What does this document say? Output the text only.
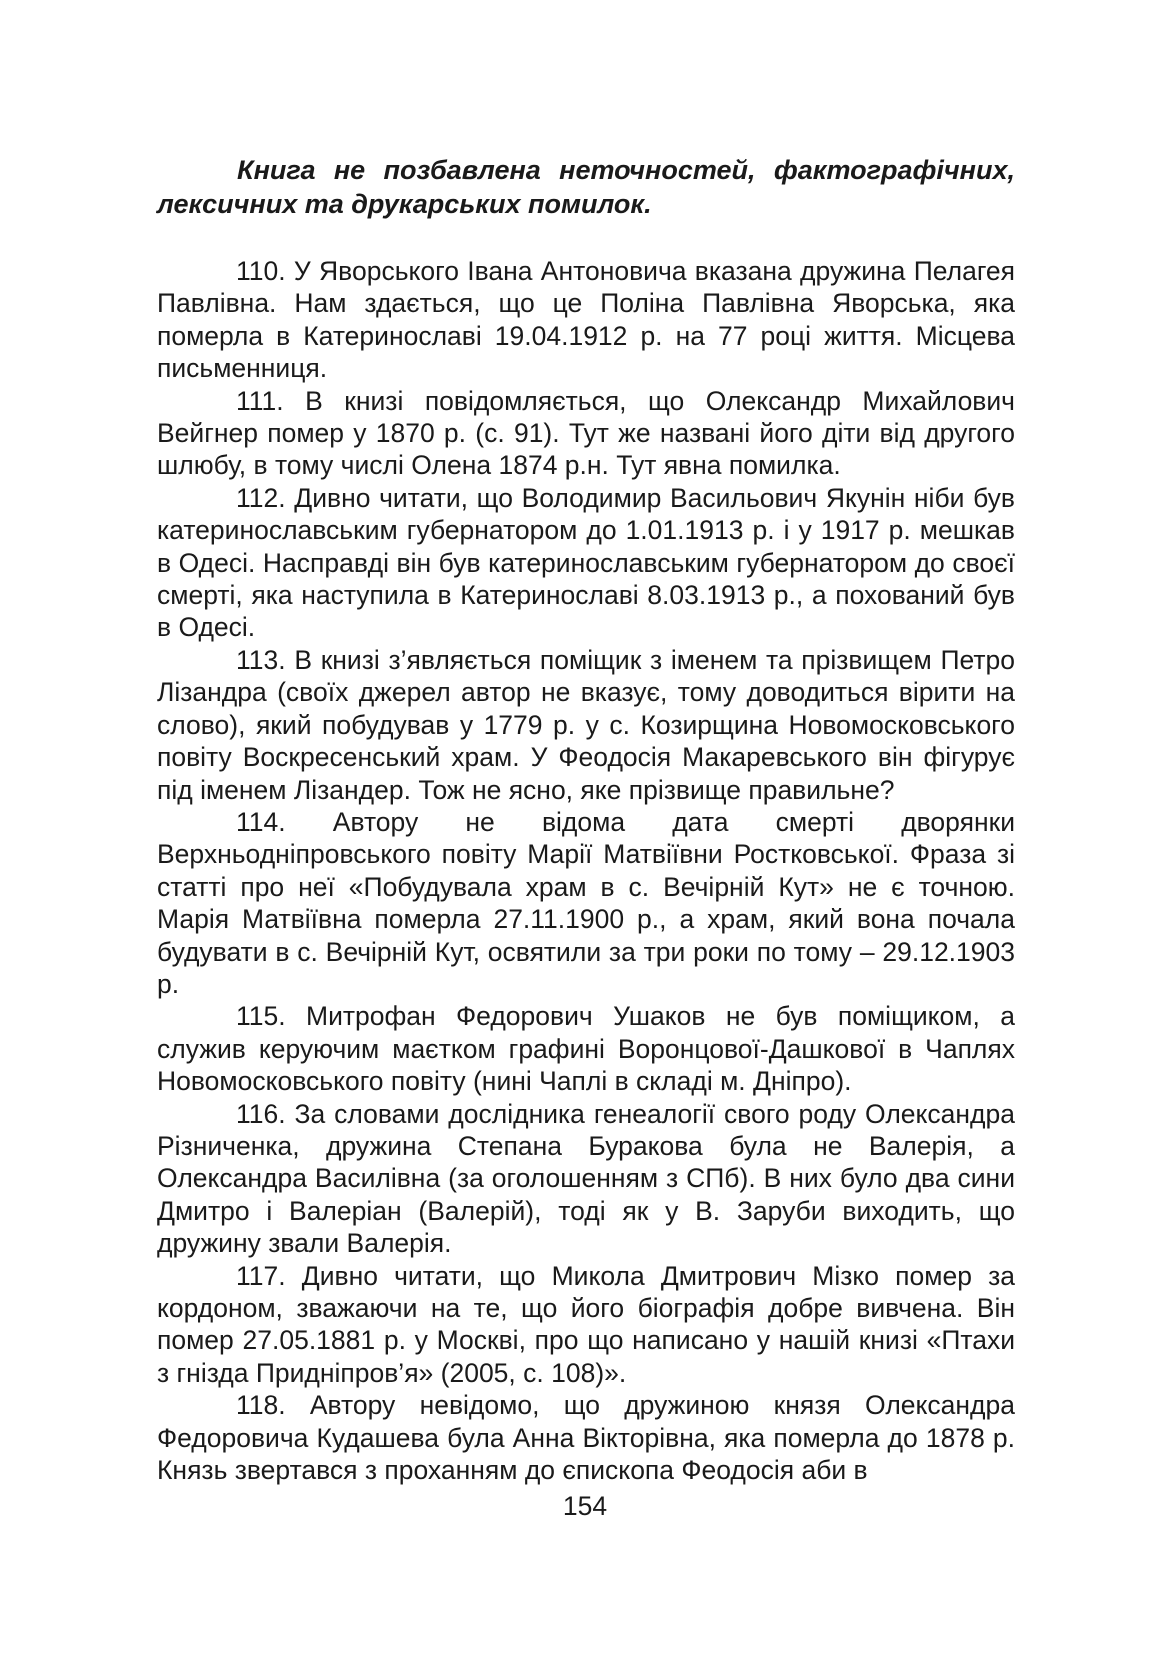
Книга не позбавлена неточностей, фактографічних, лексичних та друкарських помилок.

110. У Яворського Івана Антоновича вказана дружина Пелагея Павлівна. Нам здається, що це Поліна Павлівна Яворська, яка померла в Катеринославі 19.04.1912 р. на 77 році життя. Місцева письменниця.

111. В книзі повідомляється, що Олександр Михайлович Вейгнер помер у 1870 р. (с. 91). Тут же названі його діти від другого шлюбу, в тому числі Олена 1874 р.н. Тут явна помилка.

112. Дивно читати, що Володимир Васильович Якунін ніби був катеринославським губернатором до 1.01.1913 р. і у 1917 р. мешкав в Одесі. Насправді він був катеринославським губернатором до своєї смерті, яка наступила в Катеринославі 8.03.1913 р., а похований був в Одесі.

113. В книзі з’являється поміщик з іменем та прізвищем Петро Лізандра (своїх джерел автор не вказує, тому доводиться вірити на слово), який побудував у 1779 р. у с. Козирщина Новомосковського повіту Воскресенський храм. У Феодосія Макаревського він фігурує під іменем Лізандер. Тож не ясно, яке прізвище правильне?

114. Автору не відома дата смерті дворянки Верхньодніпровського повіту Марії Матвіївни Ростковської. Фраза зі статті про неї «Побудувала храм в с. Вечірній Кут» не є точною. Марія Матвіївна померла 27.11.1900 р., а храм, який вона почала будувати в с. Вечірній Кут, освятили за три роки по тому – 29.12.1903 р.

115. Митрофан Федорович Ушаков не був поміщиком, а служив керуючим маєтком графині Воронцової-Дашкової в Чаплях Новомосковського повіту (нині Чаплі в складі м. Дніпро).

116. За словами дослідника генеалогії свого роду Олександра Різниченка, дружина Степана Буракова була не Валерія, а Олександра Василівна (за оголошенням з СПб). В них було два сини Дмитро і Валеріан (Валерій), тоді як у В. Заруби виходить, що дружину звали Валерія.

117. Дивно читати, що Микола Дмитрович Мізко помер за кордоном, зважаючи на те, що його біографія добре вивчена. Він помер 27.05.1881 р. у Москві, про що написано у нашій книзі «Птахи з гнізда Придніпров’я» (2005, с. 108)».

118. Автору невідомо, що дружиною князя Олександра Федоровича Кудашева була Анна Вікторівна, яка померла до 1878 р. Князь звертався з проханням до єпископа Феодосія аби в

154
